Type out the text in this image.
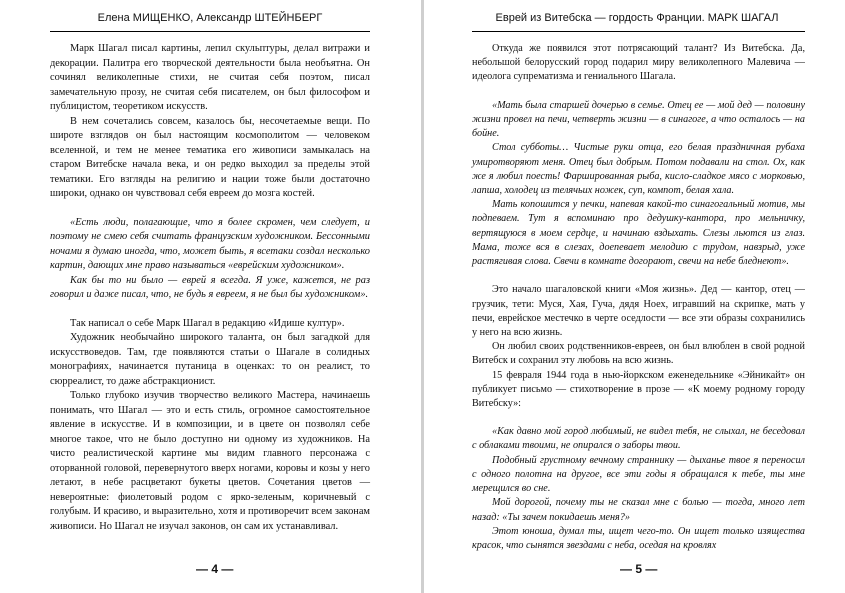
Елена МИЩЕНКО, Александр ШТЕЙНБЕРГ

Марк Шагал писал картины, лепил скульптуры, делал витражи и декорации. Палитра его творческой деятельности была необъятна. Он сочинял великолепные стихи, не считая себя поэтом, писал замечательную прозу, не считая себя писателем, он был философом и публицистом, теоретиком искусств.

В нем сочетались совсем, казалось бы, несочетаемые вещи. По широте взглядов он был настоящим космополитом — человеком вселенной, и тем не менее тематика его живописи замыкалась на старом Витебске начала века, и он редко выходил за пределы этой тематики. Его взгляды на религию и нации тоже были достаточно широки, однако он чувствовал себя евреем до мозга костей.

«Есть люди, полагающие, что я более скромен, чем следует, и поэтому не смею себя считать французским художником. Бессонными ночами я думаю иногда, что, может быть, я всетаки создал несколько картин, дающих мне право называться «еврейским художником».

Как бы то ни было — еврей я всегда. Я уже, кажется, не раз говорил и даже писал, что, не будь я евреем, я не был бы художником».

Так написал о себе Марк Шагал в редакцию «Идише култур».

Художник необычайно широкого таланта, он был загадкой для искусствоведов. Там, где появляются статьи о Шагале в солидных монографиях, начинается путаница в оценках: то он реалист, то сюрреалист, то даже абстракционист.

Только глубоко изучив творчество великого Мастера, начинаешь понимать, что Шагал — это и есть стиль, огромное самостоятельное явление в искусстве. И в композиции, и в цвете он позволял себе многое такое, что не было доступно ни одному из художников. На чисто реалистической картине мы видим главного персонажа с оторванной головой, перевернутого вверх ногами, коровы и козы у него летают, в небе расцветают букеты цветов. Сочетания цветов — невероятные: фиолетовый родом с ярко-зеленым, коричневый с голубым. И красиво, и выразительно, хотя и противоречит всем законам живописи. Но Шагал не изучал законов, он сам их устанавливал.

— 4 —
Еврей из Витебска — гордость Франции. МАРК ШАГАЛ

Откуда же появился этот потрясающий талант? Из Витебска. Да, небольшой белорусский город подарил миру великолепного Малевича — идеолога супрематизма и гениального Шагала.

«Мать была старшей дочерью в семье. Отец ее — мой дед — половину жизни провел на печи, четверть жизни — в синагоге, а что осталось — на бойне.

Стол субботы… Чистые руки отца, его белая праздничная рубаха умиротворяют меня. Отец был добрым. Потом подавали на стол. Ох, как же я любил поесть! Фаршированная рыба, кисло-сладкое мясо с морковью, лапша, холодец из телячьих ножек, суп, компот, белая хала.

Мать копошится у печки, напевая какой-то синагогальный мотив, мы подпеваем. Тут я вспоминаю про дедушку-кантора, про мельничку, вертящуюся в моем сердце, и начинаю вздыхать. Слезы льются из глаз. Мама, тоже вся в слезах, доепевает мелодию с трудом, навзрыд, уже растягивая слова. Свечи в комнате догорают, свечи на небе бледнеют».

Это начало шагаловской книги «Моя жизнь». Дед — кантор, отец — грузчик, тети: Муся, Хая, Гуча, дядя Ноех, игравший на скрипке, мать у печи, еврейское местечко в черте оседлости — все эти образы сохранились у него на всю жизнь.

Он любил своих родственников-евреев, он был влюблен в свой родной Витебск и сохранил эту любовь на всю жизнь.

15 февраля 1944 года в нью-йоркском еженедельнике «Эйникайт» он публикует письмо — стихотворение в прозе — «К моему родному городу Витебску»:

«Как давно мой город любимый, не видел тебя, не слыхал, не беседовал с облаками твоими, не опирался о заборы твои.

Подобный грустному вечному страннику — дыханье твое я переносил с одного полотна на другое, все эти годы я обращался к тебе, ты мне мерещился во сне.

Мой дорогой, почему ты не сказал мне с болью — тогда, много лет назад: «Ты зачем покидаешь меня?»

Этот юноша, думал ты, ищет чего-то. Он ищет только изящества красок, что сынятся звездами с неба, оседая на кровлях

— 5 —
